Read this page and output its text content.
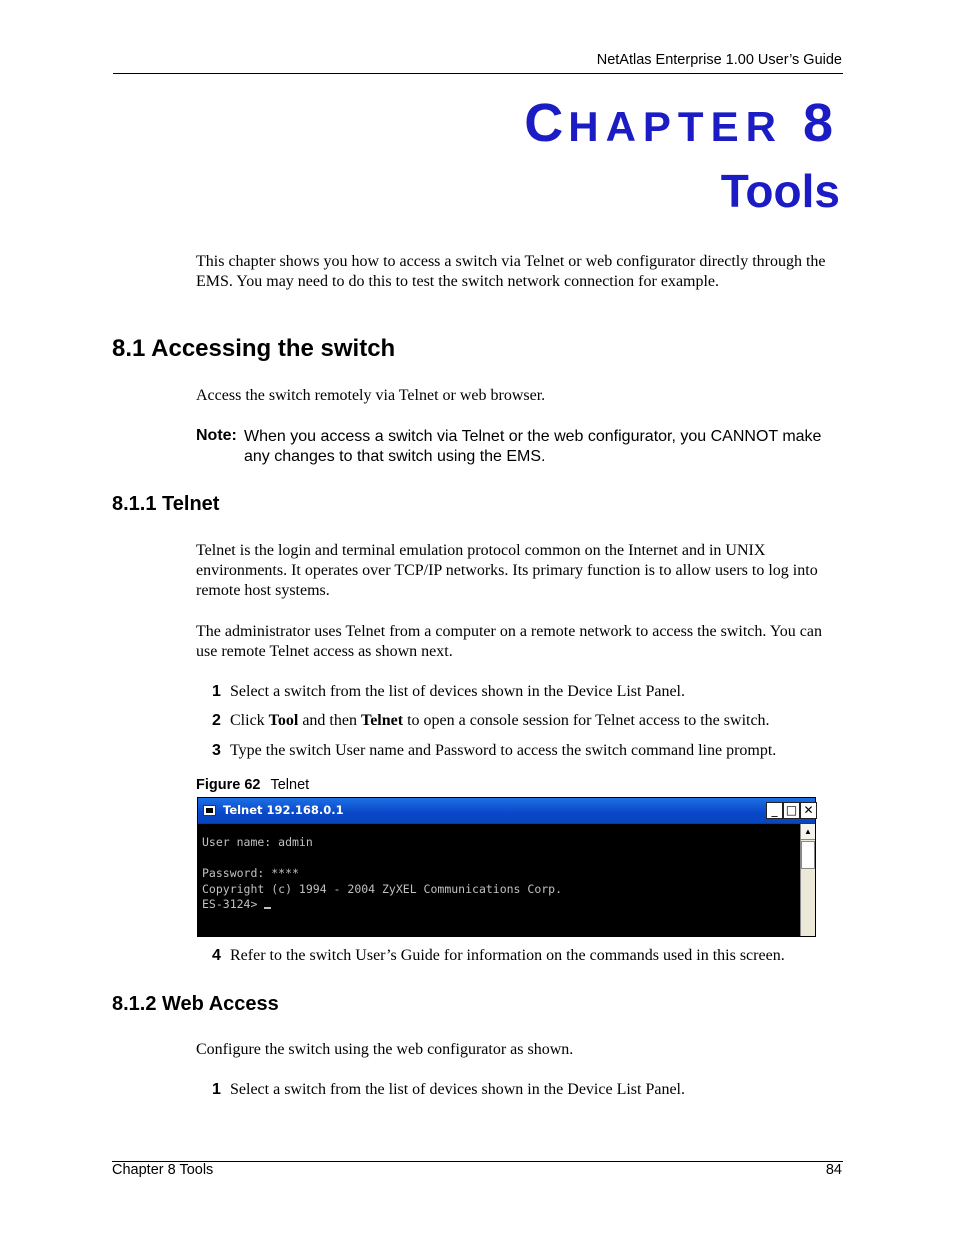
NetAtlas Enterprise 1.00 User’s Guide
CHAPTER 8
Tools
This chapter shows you how to access a switch via Telnet or web configurator directly through the EMS. You may need to do this to test the switch network connection for example.
8.1 Accessing the switch
Access the switch remotely via Telnet or web browser.
Note: When you access a switch via Telnet or the web configurator, you CANNOT make any changes to that switch using the EMS.
8.1.1 Telnet
Telnet is the login and terminal emulation protocol common on the Internet and in UNIX environments. It operates over TCP/IP networks. Its primary function is to allow users to log into remote host systems.
The administrator uses Telnet from a computer on a remote network to access the switch. You can use remote Telnet access as shown next.
1 Select a switch from the list of devices shown in the Device List Panel.
2 Click Tool and then Telnet to open a console session for Telnet access to the switch.
3 Type the switch User name and Password to access the switch command line prompt.
Figure 62 Telnet
Telnet 192.168.0.1	_ □ ✕
User name: admin

Password: ****
Copyright (c) 1994 - 2004 ZyXEL Communications Corp.
ES-3124>
▲
4 Refer to the switch User’s Guide for information on the commands used in this screen.
8.1.2 Web Access
Configure the switch using the web configurator as shown.
1 Select a switch from the list of devices shown in the Device List Panel.
Chapter 8 Tools	84
